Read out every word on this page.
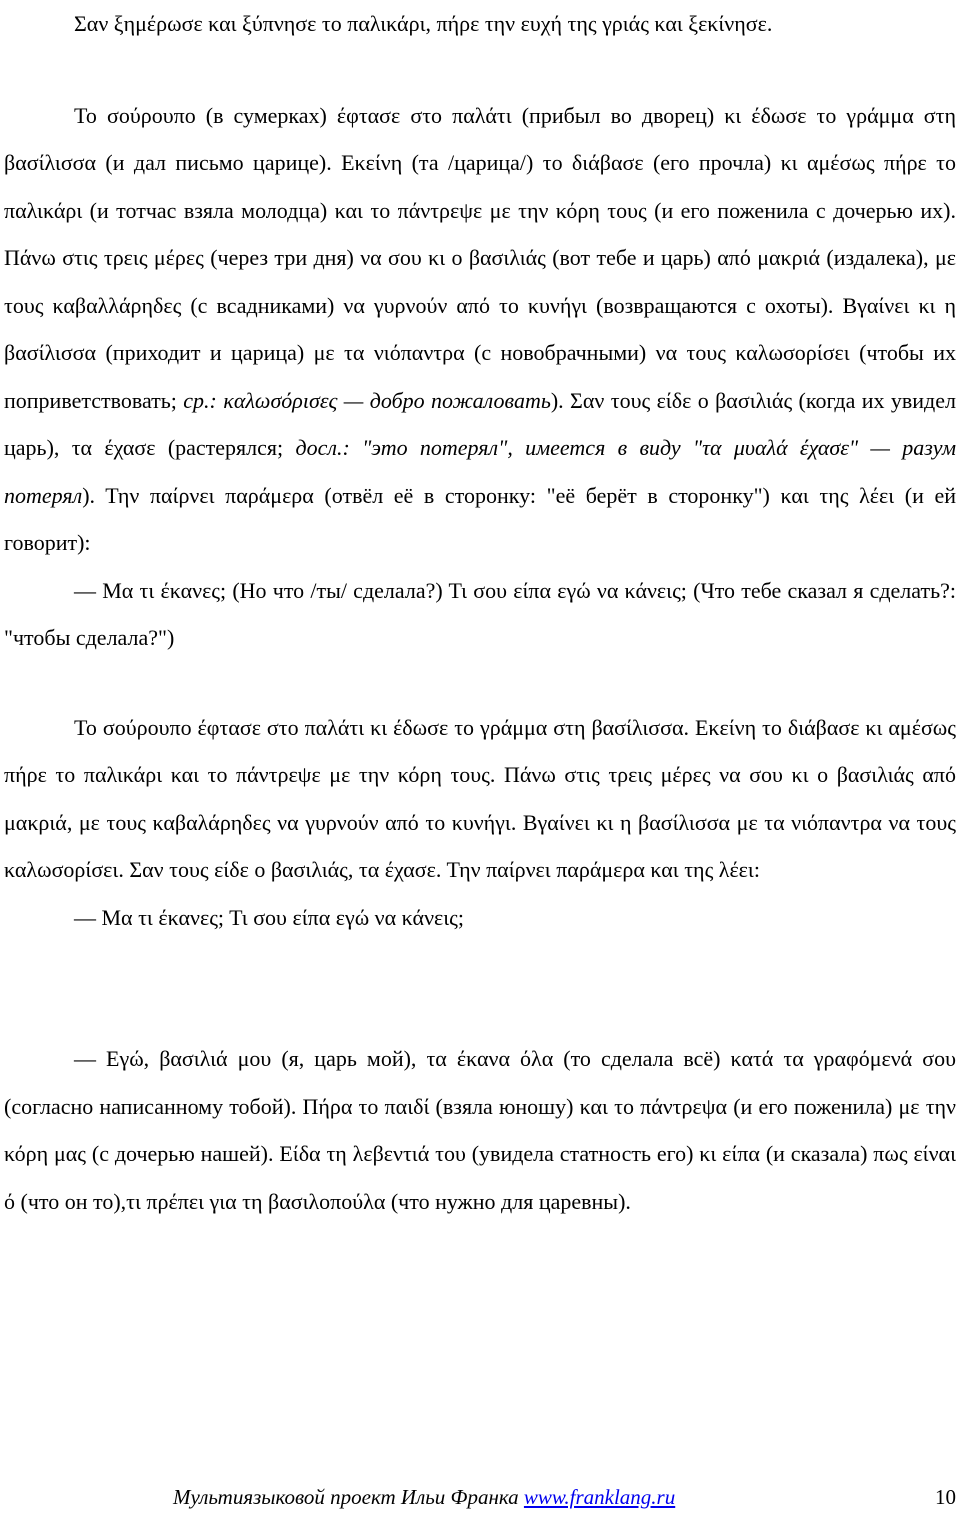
Σαν ξημέρωσε και ξύπνησε το παλικάρι, πήρε την ευχή της γριάς και ξεκίνησε.

Το σούρουπο (в сумерках) έφτασε στο παλάτι (прибыл во дворец) κι έδωσε το γράμμα στη βασίλισσα (и дал письмо царице). Εκείνη (та /царица/) το διάβασε (его прочла) κι αμέσως πήρε το παλικάρι (и тотчас взяла молодца) και το πάντρεψε με την κόρη τους (и его поженила с дочерью их). Πάνω στις τρεις μέρες (через три дня) να σου κι ο βασιλιάς (вот тебе и царь) από μακριά (издалека), με τους καβαλλάρηδες (с всадниками) να γυρνούν από το κυνήγι (возвращаются с охоты). Βγαίνει κι η βασίλισσα (приходит и царица) με τα νιόπαντρα (с новобрачными) να τους καλωσορίσει (чтобы их поприветствовать; ср.: καλωσόρισες — добро пожаловать). Σαν τους είδε ο βασιλιάς (когда их увидел царь), τα έχασε (растерялся; досл.: "это потерял", имеется в виду "τα μυαλά έχασε" — разум потерял). Την παίρνει παράμερα (отвёл её в сторонку: "её берёт в сторонку") και της λέει (и ей говорит):

— Μα τι έκανες; (Но что /ты/ сделала?) Τι σου είπα εγώ να κάνεις; (Что тебе сказал я сделать?: "чтобы сделала?")

Το σούρουπο έφτασε στο παλάτι κι έδωσε το γράμμα στη βασίλισσα. Εκείνη το διάβασε κι αμέσως πήρε το παλικάρι και το πάντρεψε με την κόρη τους. Πάνω στις τρεις μέρες να σου κι ο βασιλιάς από μακριά, με τους καβαλάρηδες να γυρνούν από το κυνήγι. Βγαίνει κι η βασίλισσα με τα νιόπαντρα να τους καλωσορίσει. Σαν τους είδε ο βασιλιάς, τα έχασε. Την παίρνει παράμερα και της λέει:

— Μα τι έκανες; Τι σου είπα εγώ να κάνεις;

— Εγώ, βασιλιά μου (я, царь мой), τα έκανα όλα (то сделала всё) κατά τα γραφόμενά σου (согласно написанному тобой). Πήρα το παιδί (взяла юношу) και το πάντρεψα (и его поженила) με την κόρη μας (с дочерью нашей). Είδα τη λεβεντιά του (увидела статность его) κι είπα (и сказала) πως είναι ό (что он то),τι πρέπει για τη βασιλοπούλα (что нужно для царевны).

Мультиязыковой проект Ильи Франка www.franklang.ru	10
